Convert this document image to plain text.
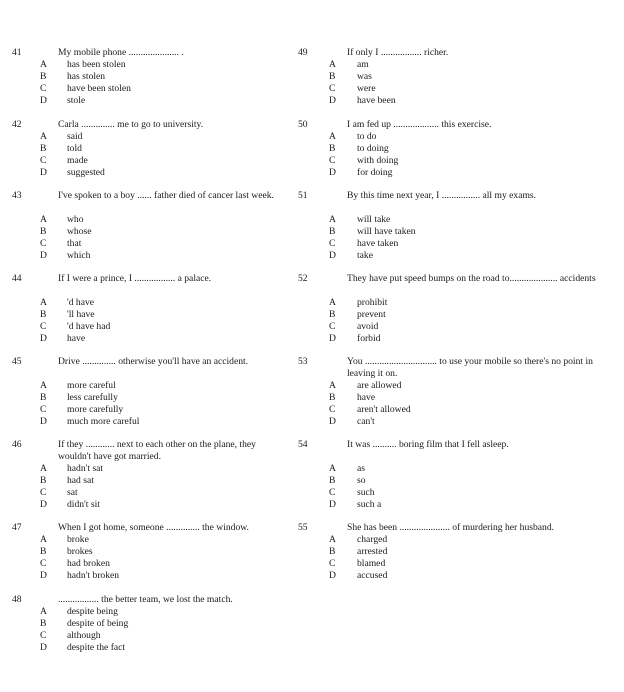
41	My mobile phone ..................... .
A	has been stolen
B	has stolen
C	have been stolen
D	stole
42	Carla .............. me to go to university.
A	said
B	told
C	made
D	suggested
43	I've spoken to a boy ...... father died of cancer last week.
A	who
B	whose
C	that
D	which
44	If I were a prince, I ................. a palace.
A	'd have
B	'll have
C	'd have had
D	have
45	Drive .............. otherwise you'll have an accident.
A	more careful
B	less carefully
C	more carefully
D	much more careful
46	If they ............ next to each other on the plane, they wouldn't have got married.
A	hadn't sat
B	had sat
C	sat
D	didn't sit
47	When I got home, someone .............. the window.
A	broke
B	brokes
C	had broken
D	hadn't broken
48	................. the better team, we lost the match.
A	despite being
B	despite of being
C	although
D	despite the fact
49	If only I ................. richer.
A	am
B	was
C	were
D	have been
50	I am fed up ................... this exercise.
A	to do
B	to doing
C	with doing
D	for doing
51	By this time next year, I ................ all my exams.
A	will take
B	will have taken
C	have taken
D	take
52	They have put speed bumps on the road to.................... accidents
A	prohibit
B	prevent
C	avoid
D	forbid
53	You .............................. to use your mobile so there's no point in leaving it on.
A	are allowed
B	have
C	aren't allowed
D	can't
54	It was .......... boring film that I fell asleep.
A	as
B	so
C	such
D	such a
55	She has been ..................... of murdering her husband.
A	charged
B	arrested
C	blamed
D	accused
